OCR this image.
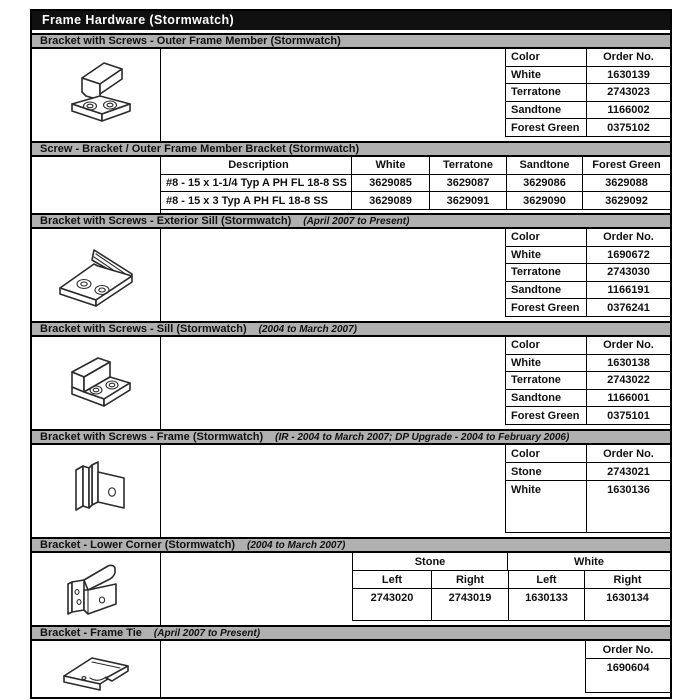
Frame Hardware (Stormwatch)
Bracket with Screws - Outer Frame Member (Stormwatch)
Color	Order No.
White	1630139
Terratone	2743023
Sandtone	1166002
Forest Green	0375102
Screw - Bracket / Outer Frame Member Bracket (Stormwatch)
Description	White	Terratone	Sandtone	Forest Green
#8 - 15 x 1-1/4 Typ A PH FL 18-8 SS	3629085	3629087	3629086	3629088
#8 - 15 x 3 Typ A PH FL 18-8 SS	3629089	3629091	3629090	3629092
Bracket with Screws - Exterior Sill (Stormwatch) (April 2007 to Present)
Color	Order No.
White	1690672
Terratone	2743030
Sandtone	1166191
Forest Green	0376241
Bracket with Screws - Sill (Stormwatch) (2004 to March 2007)
Color	Order No.
White	1630138
Terratone	2743022
Sandtone	1166001
Forest Green	0375101
Bracket with Screws - Frame (Stormwatch) (IR - 2004 to March 2007; DP Upgrade - 2004 to February 2006)
Color	Order No.
Stone	2743021
White	1630136
Bracket - Lower Corner (Stormwatch) (2004 to March 2007)
Stone	White
Left	Right	Left	Right
2743020	2743019	1630133	1630134
Bracket - Frame Tie (April 2007 to Present)
Order No.
1690604
